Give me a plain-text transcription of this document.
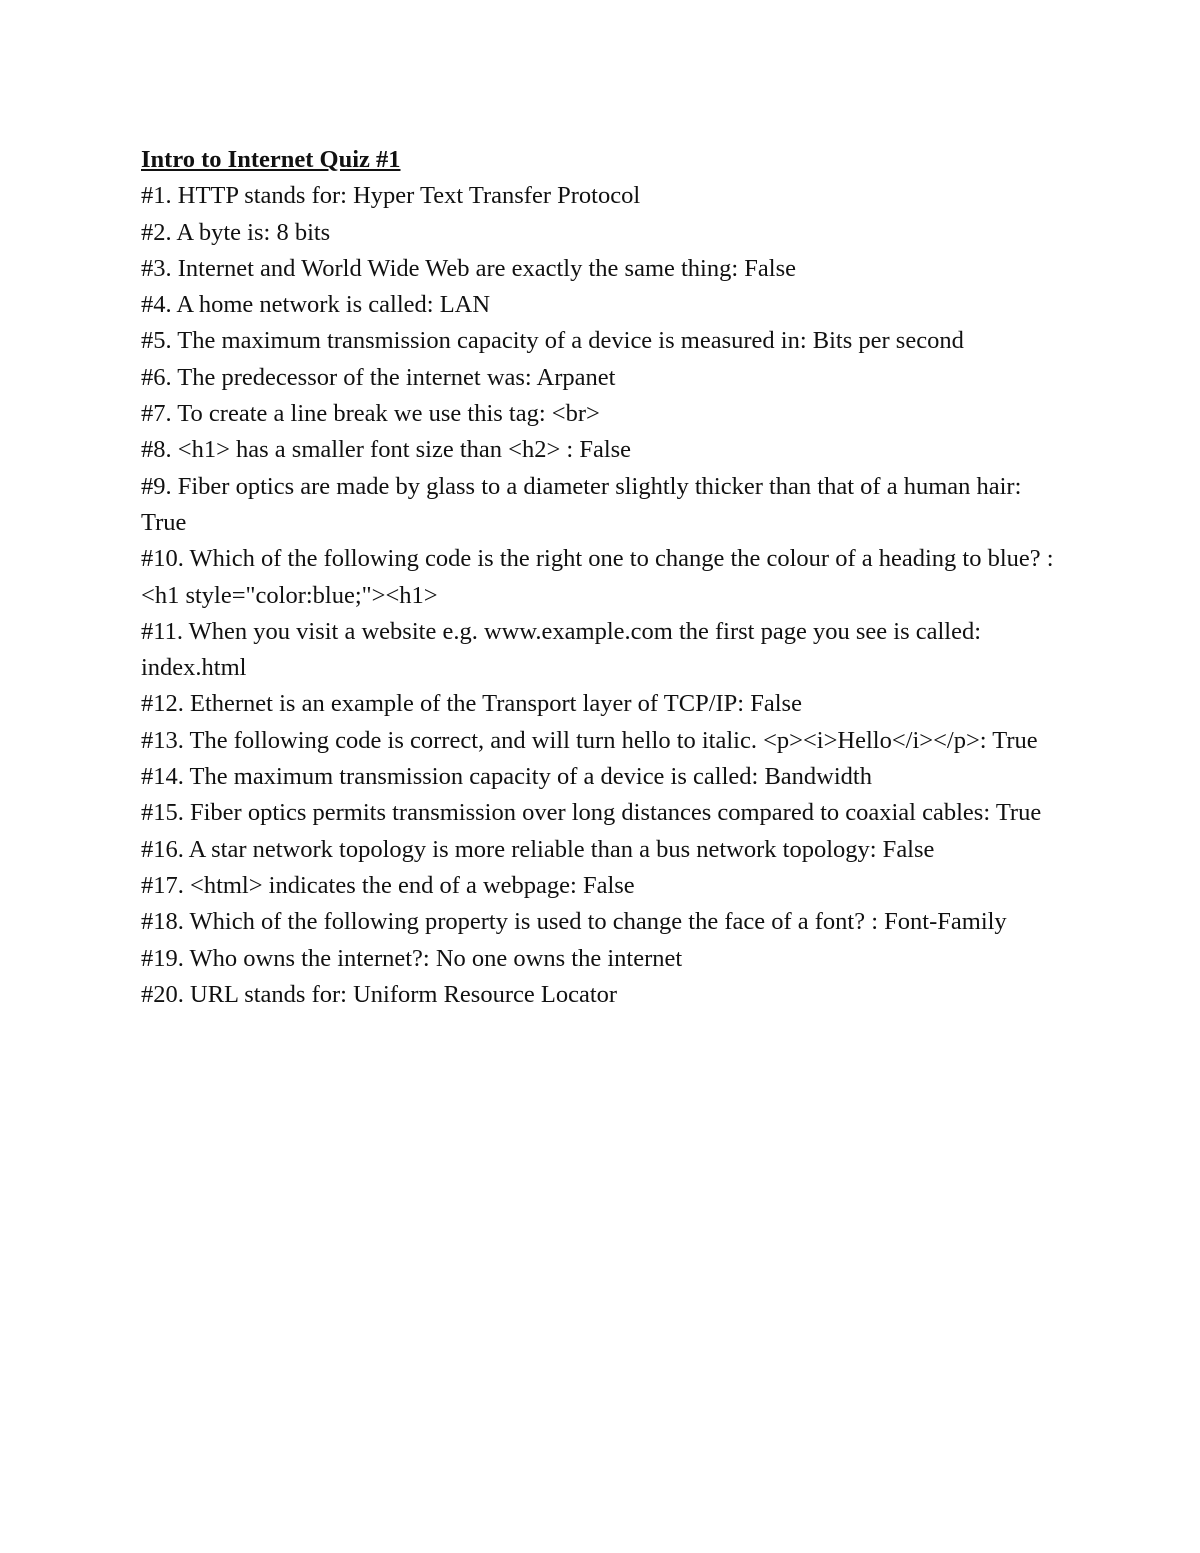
Intro to Internet Quiz #1

#1. HTTP stands for: Hyper Text Transfer Protocol

#2. A byte is: 8 bits

#3. Internet and World Wide Web are exactly the same thing: False

#4. A home network is called: LAN

#5. The maximum transmission capacity of a device is measured in: Bits per second

#6. The predecessor of the internet was: Arpanet

#7. To create a line break we use this tag: <br>

#8. <h1> has a smaller font size than <h2> : False

#9. Fiber optics are made by glass to a diameter slightly thicker than that of a human hair: True

#10. Which of the following code is the right one to change the colour of a heading to blue? : <h1 style="color:blue;"><h1>

#11. When you visit a website e.g. www.example.com the first page you see is called: index.html

#12. Ethernet is an example of the Transport layer of TCP/IP: False

#13. The following code is correct, and will turn hello to italic. <p><i>Hello</i></p>: True

#14. The maximum transmission capacity of a device is called: Bandwidth

#15. Fiber optics permits transmission over long distances compared to coaxial cables: True

#16. A star network topology is more reliable than a bus network topology: False

#17. <html> indicates the end of a webpage: False

#18. Which of the following property is used to change the face of a font? : Font-Family

#19. Who owns the internet?: No one owns the internet

#20. URL stands for: Uniform Resource Locator
